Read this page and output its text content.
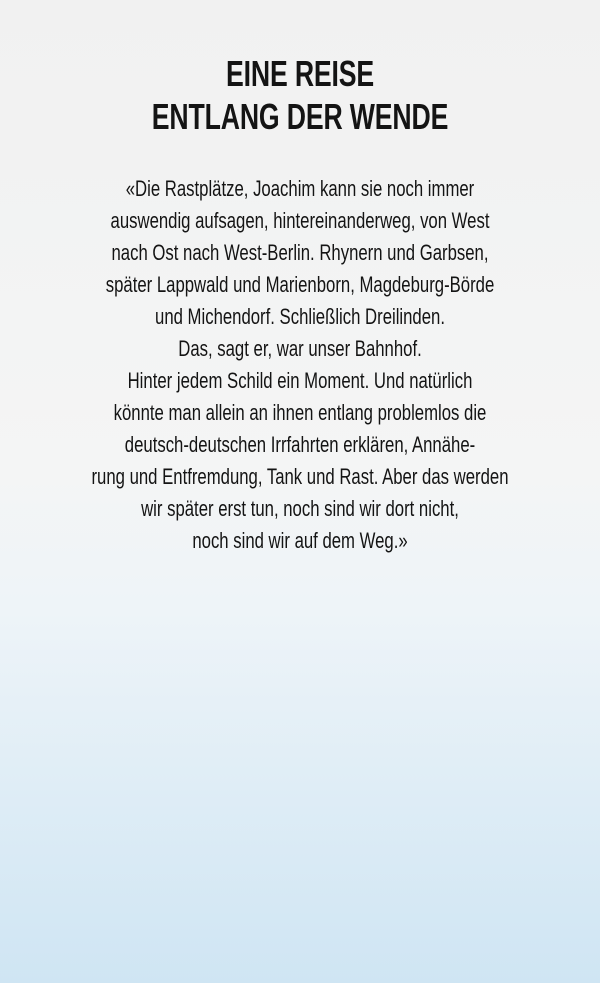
EINE REISE
ENTLANG DER WENDE
«Die Rastplätze, Joachim kann sie noch immer
auswendig aufsagen, hintereinanderweg, von West
nach Ost nach West-Berlin. Rhynern und Garbsen,
später Lappwald und Marienborn, Magdeburg-Börde
und Michendorf. Schließlich Dreilinden.
Das, sagt er, war unser Bahnhof.
Hinter jedem Schild ein Moment. Und natürlich
könnte man allein an ihnen entlang problemlos die
deutsch-deutschen Irrfahrten erklären, Annähe-
rung und Entfremdung, Tank und Rast. Aber das werden
wir später erst tun, noch sind wir dort nicht,
noch sind wir auf dem Weg.»
